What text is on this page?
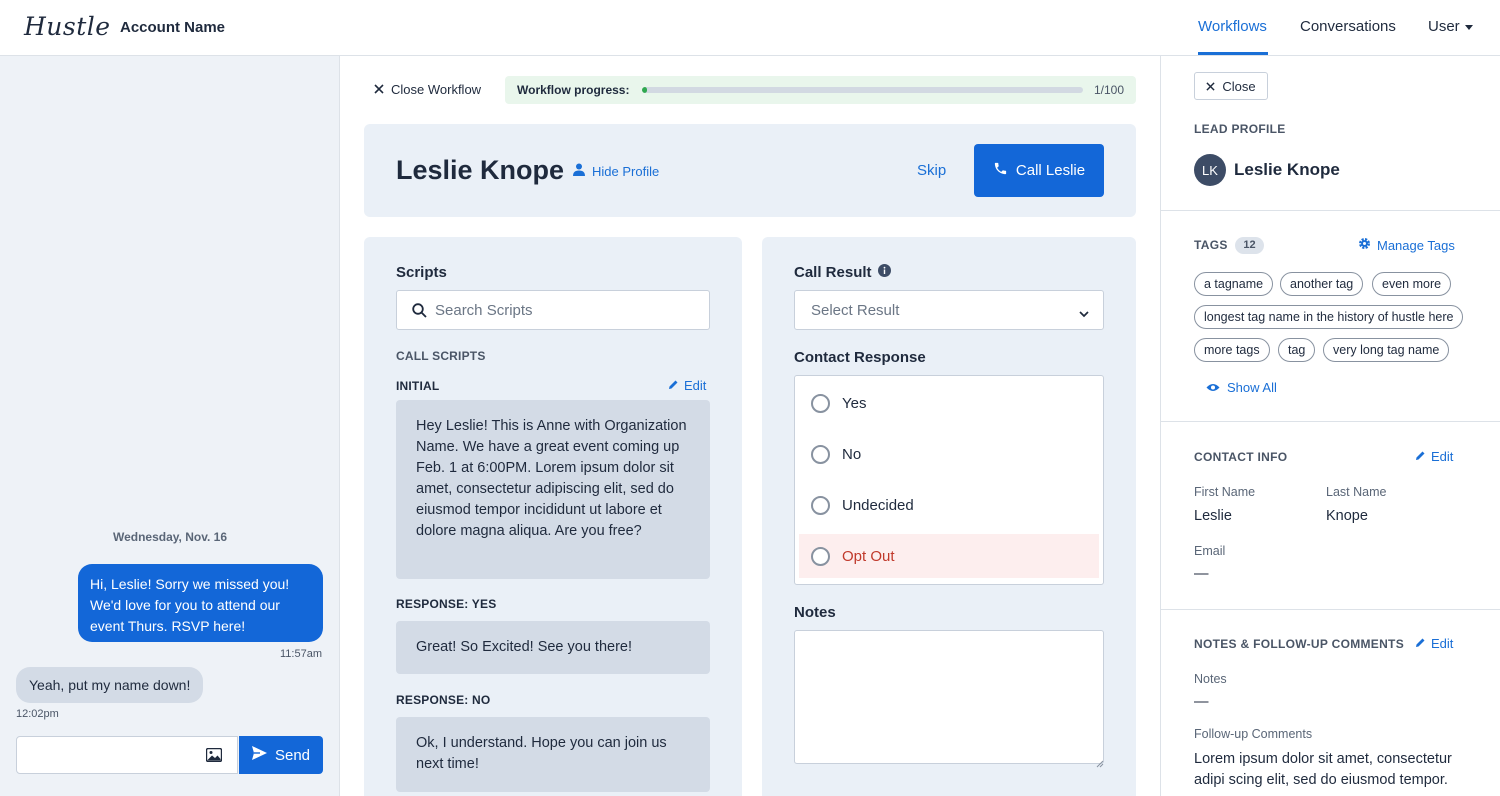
Hustle Account Name	Workflows Conversations User
Wednesday, Nov. 16
Hi, Leslie! Sorry we missed you! We'd love for you to attend our event Thurs. RSVP here!
11:57am
Yeah, put my name down!
12:02pm
Send
Close Workflow	Workflow progress:	1/100
Leslie Knope Hide Profile	Skip	Call Leslie
Scripts
Search Scripts
CALL SCRIPTS
INITIAL	Edit
Hey Leslie! This is Anne with Organization Name. We have a great event coming up Feb. 1 at 6:00PM. Lorem ipsum dolor sit amet, consectetur adipiscing elit, sed do eiusmod tempor incididunt ut labore et dolore magna aliqua. Are you free?
RESPONSE: YES
Great! So Excited! See you there!
RESPONSE: NO
Ok, I understand. Hope you can join us next time!
Call Result
Select Result
Contact Response
Yes
No
Undecided
Opt Out
Notes
Close
LEAD PROFILE
LK Leslie Knope
TAGS	12	Manage Tags
a tagname	another tag	even more
longest tag name in the history of hustle here
more tags	tag	very long tag name
Show All
CONTACT INFO	Edit
First Name
Leslie
Last Name
Knope
Email
—
NOTES & FOLLOW-UP COMMENTS Edit
Notes
—
Follow-up Comments
Lorem ipsum dolor sit amet, consectetur adipi scing elit, sed do eiusmod tempor.
